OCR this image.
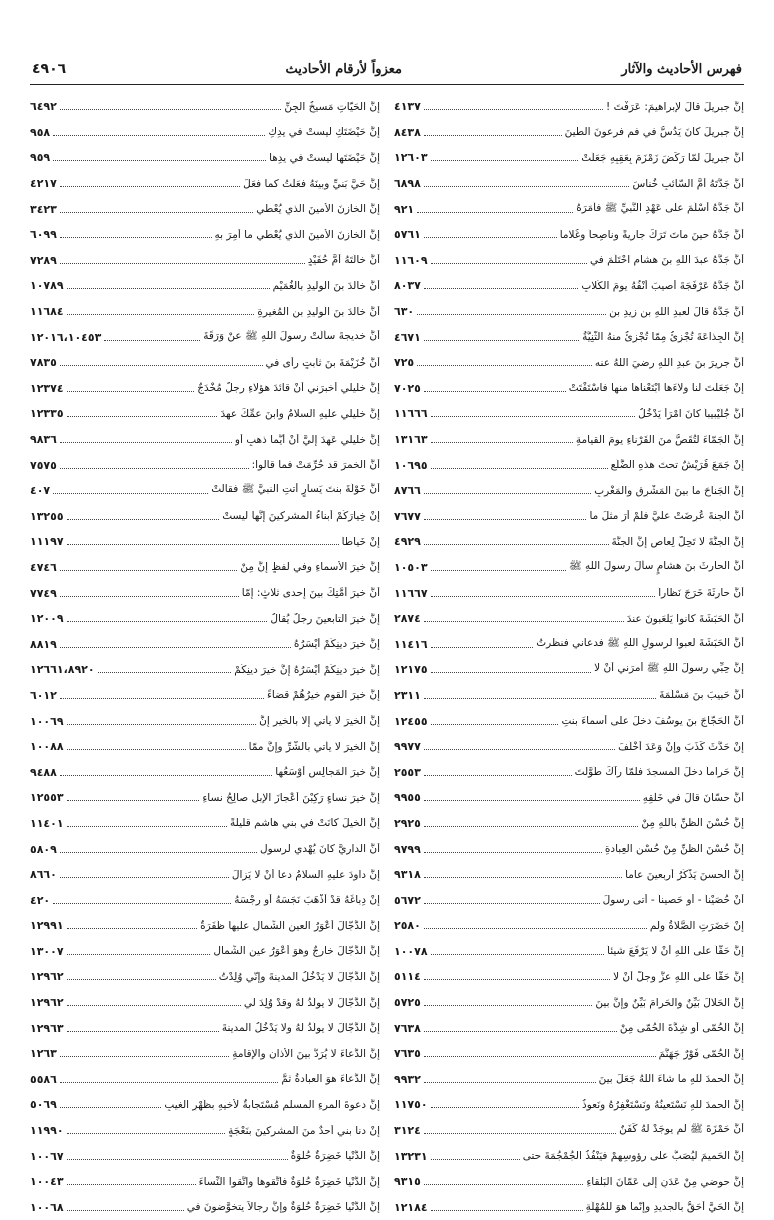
فهرس الأحاديث والآثار
معزواً لأرقام الأحاديث
٤٩٠٦
إنَّ جبريلَ قالَ لإبراهيمَ: عَرَفْتَ !
٤١٣٧
إنَّ جبريلَ كانَ يَدُسُّ في فمِ فرعونَ الطِّينَ
٨٤٣٨
أنَّ جبريلَ لمّا رَكَضَ زَمْزَمَ بِعَقِبِهِ جَعَلَتْ
١٢٦٠٣
أنَّ جَدَّتَهُ أُمَّ السّائبِ خُناسَ
٦٨٩٨
أنَّ جَدَّهُ أسْلَمَ على عَهْدِ النَّبيِّ ﷺ فأمَرَهُ
٩٢١
أنَّ جَدَّهُ حينَ ماتَ تَرَكَ جاريةً وناصِحاً وغُلاماً
٥٧٦١
أنَّ جَدَّهُ عبدَ اللهِ بنَ هشامٍ احْتَلَمَ في
١١٦٠٩
أنَّ جَدَّهُ عَرْفَجَةَ أُصيبَ أنْفُهُ يومَ الكُلابِ
٨٠٣٧
أنَّ جَدَّهُ قالَ لعبدِ اللهِ بنِ زيدِ بنِ
٦٣٠
إنَّ الجِذاعَةَ تُجْزِئُ مِمّا تُجْزِئُ منهُ الثَّنِيَّةُ
٤٦٧١
أنَّ جريرَ بنَ عبدِ اللهِ رضيَ اللهُ عنه
٧٢٥
إنْ جَعَلْتَ لنا ولاءَها ابْتَعْناها منها فاسْتَفْتَتْ
٧٠٢٥
أنَّ جُلَيْبيباً كانَ امْرَأً يَدْخُلُ
١١٦٦٦
إنَّ الجَمّاءَ لتُقَصُّ منَ القَرْناءِ يومَ القيامةِ
١٣١٦٣
إنْ جَمَعَ قُرَيْشٌ تحتَ هذهِ الضَّلَعِ
١٠٦٩٥
إنَّ الجَناحَ ما بينَ المَشْرِقِ والمَغْرِبِ
٨٧٦٦
أنَّ الجنةَ عُرِضَتْ عليَّ فلمْ أرَ مثلَ ما
٧٦٧٧
إنَّ الجنَّةَ لا تَحِلُّ لِعاصٍ إنَّ الجنَّةَ
٤٩٢٩
أنَّ الحارثَ بنَ هشامٍ سألَ رسولَ اللهِ ﷺ
١٠٥٠٣
أنَّ حارِثَةَ خَرَجَ نَظّاراً
١١٦٦٧
أنَّ الحَبَشَةَ كانوا يَلْعَبونَ عندَ
٢٨٧٤
أنَّ الحَبَشَةَ لعبوا لرسولِ اللهِ ﷺ فدعاني فنظرتُ
١١٤١٦
إنَّ حِبِّي رسولَ اللهِ ﷺ أمرَني أنْ لا
١٢١٧٥
أنَّ حَبيبَ بنَ مَسْلَمَةَ
٢٣١١
أنَّ الحَجّاجَ بنَ يوسُفَ دخلَ على أسماءَ بنتِ
١٢٤٥٥
إنْ حَدَّثَ كَذَبَ وإنْ وَعَدَ أخْلَفَ
٩٩٧٧
إنَّ حَراماً دخلَ المسجدَ فلمّا رآكَ طَوَّلْتَ
٢٥٥٣
أنَّ حسّانَ قالَ في خَلْقِهِ
٩٩٥٥
إنَّ حُسْنَ الظَّنِّ باللهِ مِنْ
٢٩٢٥
إنَّ حُسْنَ الظَّنِّ مِنْ حُسْنِ العِبادةِ
٩٧٩٩
إنَّ الحسنَ يَذْكُرُ أربعينَ عاماً
٩٣١٨
أنْ حُصَيْناً - أو حَصيناً - أتى رسولَ
٥٦٧٢
إنْ حَضَرَتِ الصَّلاةُ ولم
٢٥٨٠
إنَّ حَقّاً على اللهِ أنْ لا يَرْفَعَ شيئاً
١٠٠٧٨
إنَّ حَقّاً على اللهِ عزَّ وجلَّ أنْ لا
٥١١٤
إنَّ الحَلالَ بَيِّنٌ والحَرامَ بَيِّنٌ وإنَّ بينَ
٥٧٢٥
إنَّ الحُمّى أو شِدَّةَ الحُمّى مِنْ
٧٦٣٨
إنَّ الحُمّى فَوْرٌ جَهَنَّمَ
٧٦٣٥
إنَّ الحمدَ للهِ ما شاءَ اللهُ جَعَلَ بينَ
٩٩٣٢
إنَّ الحمدَ للهِ نَسْتَعينُهُ ونَسْتَغْفِرُهُ ونَعوذُ
١١٧٥٠
أنَّ حَمْزَةَ ﷺ لم يوجَدْ لهُ كَفَنٌ
٣١٢٤
إنَّ الحَميمَ ليُصَبُّ على رؤوسِهِمْ فيَنْفُذُ الجُمْجُمَةَ حتى
١٣٢٣١
إنَّ حوضي مِنْ عَدَنٍ إلى عَمّانَ البَلْقاءِ
٩٣١٥
إنَّ الحَيَّ أحَقُّ بالجديدِ وإنّما هوَ للمُهْلَةِ
١٢١٨٤
إنَّ الحَيّاتِ مَسيخُ الجِنِّ
٦٤٩٢
إنَّ حَيْضَتَكِ ليستْ في يدِكِ
٩٥٨
إنَّ حَيْضَتَها ليستْ في يدِها
٩٥٩
إنَّ حَيَّ بَنيِّ وبينَهُ فعَلْتُ كما فعَلَ
٤٢١٧
إنَّ الخازنَ الأمينَ الذي يُعْطي
٣٤٢٣
إنَّ الخازنَ الأمينَ الذي يُعْطي ما أُمِرَ بهِ
٦٠٩٩
أنَّ خالَتَهُ أُمَّ حُفَيْدٍ
٧٢٨٩
أنَّ خالدَ بنَ الوليدِ بالغُمَيْمِ
١٠٧٨٩
أنَّ خالدَ بنَ الوليدِ بنِ المُغيرةِ
١١٦٨٤
أنَّ خديجةَ سألَتْ رسولَ اللهِ ﷺ عنْ وَرَقَةَ
١٢٠١٦،١٠٤٥٣
أنَّ خُزَيْمَةَ بنَ ثابتٍ رأى في
٧٨٣٥
إنَّ خليلي أخبرَني أنْ قائدَ هؤلاءِ رجلٌ مُخْدَجٌ
١٢٣٧٤
إنَّ خليلي عليهِ السلامُ وابنَ عمِّكَ عهدَ
١٢٣٣٥
إنَّ خليلي عَهِدَ إليَّ أنْ أيُّما ذهبٍ أو
٩٨٣٦
أنَّ الخمرَ قد حُرِّمَتْ فما قالوا:
٧٥٧٥
أنَّ خَوْلَةَ بنتَ يَسارٍ أتتِ النبيَّ ﷺ فقالتْ
٤٠٧
إنْ خِيارَكُمْ أبناءُ المشركينَ إنَّها ليستْ
١٣٢٥٥
إنْ خَياطاً
١١١٩٧
إنَّ خيرَ الأسماءِ وفي لفظٍ إنَّ مِنْ
٤٧٤٦
أنَّ خيرَ أُمَّتِكَ بينَ إحدى ثلاثٍ: إمّا
٧٧٤٩
إنَّ خيرَ التابعينَ رجلٌ يُقالُ
١٢٠٠٩
إنَّ خيرَ دينِكُمْ أيْسَرُهُ
٨٨١٩
إنَّ خيرَ دينِكُمْ أيْسَرُهُ إنَّ خيرَ دينِكُمْ
١٢٦٦١،٨٩٢٠
إنَّ خيرَ القومِ خيرُهُمْ قضاءً
٦٠١٢
إنَّ الخيرَ لا يأتي إلّا بالخيرِ إنَّ
١٠٠٦٩
إنَّ الخيرَ لا يأتي بالشَّرِّ وإنَّ ممّا
١٠٠٨٨
إنَّ خيرَ المَجالِسِ أوْسَعُها
٩٤٨٨
إنَّ خيرَ نساءٍ رَكِبْنَ أعْجازَ الإبلِ صالِحُ نساءِ
١٢٥٥٣
إنَّ الخيلَ كانَتْ في بني هاشمٍ قليلةً
١١٤٠١
أنَّ الداريَّ كانَ يُهْدي لرسولِ
٥٨٠٩
إنَّ داودَ عليهِ السلامُ دعا أنْ لا يَزالَ
٨٦٦٠
إنْ دِباغَهُ قدْ أذْهَبَ نَجَسَهُ أو رِجْسَهُ
٤٢٠
إنَّ الدَّجّالَ أعْوَرُ العينِ الشِّمالِ عليها ظَفَرَةٌ
١٢٩٩١
إنَّ الدَّجّالَ خارجٌ وهوَ أعْوَرُ عينِ الشِّمالِ
١٣٠٠٧
إنَّ الدَّجّالَ لا يَدْخُلُ المدينةَ وإنّي وُلِدْتُ
١٢٩٦٢
إنَّ الدَّجّالَ لا يولَدُ لهُ وقدْ وُلِدَ لي
١٢٩٦٢
إنَّ الدَّجّالَ لا يولَدُ لهُ ولا يَدْخُلُ المدينةَ
١٢٩٦٣
إنَّ الدُّعاءَ لا يُرَدُّ بينَ الأذانِ والإقامةِ
١٢٦٣
إنَّ الدُّعاءَ هوَ العبادةُ ثمَّ
٥٥٨٦
إنَّ دعوةَ المرءِ المسلمِ مُسْتَجابةٌ لأخيهِ بظَهْرِ الغيبِ
٥٠٦٩
إنْ دنا بني أحدٌ منَ المشركينَ بنَعْجَةٍ
١١٩٩٠
إنَّ الدُّنْيا خَضِرَةٌ حُلْوَةٌ
١٠٠٦٧
إنَّ الدُّنْيا خَضِرَةٌ حُلْوَةٌ فاتَّقوها واتَّقوا النِّساءَ
١٠٠٤٣
إنَّ الدُّنْيا خَضِرَةٌ حُلْوَةٌ وإنَّ رجالاً يتخوَّضونَ في
١٠٠٦٨
